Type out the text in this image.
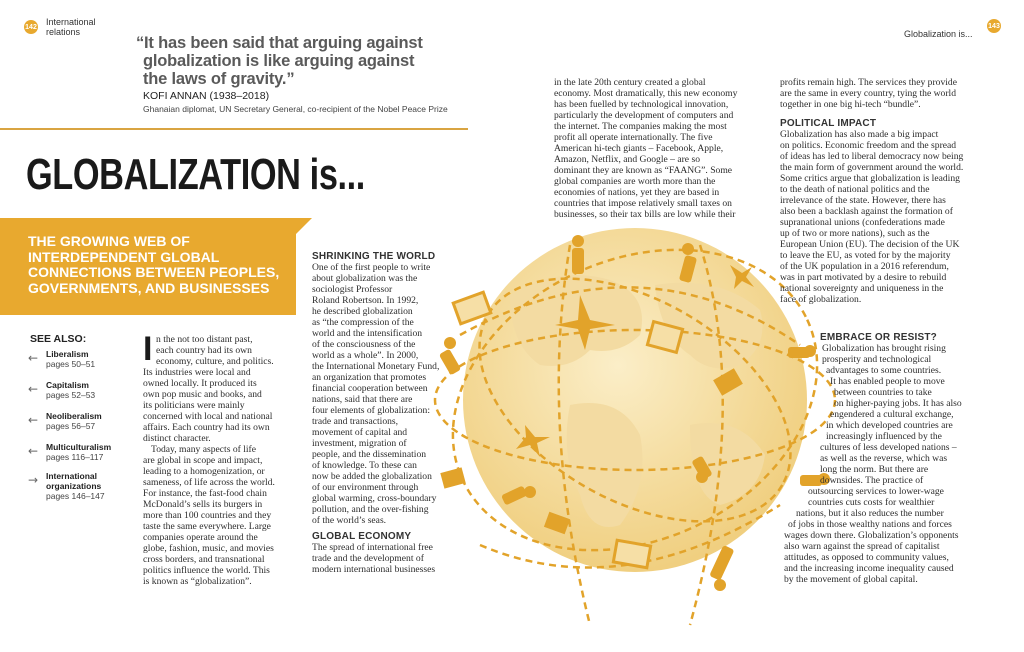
142 International
relations
“It has been said that arguing against
globalization is like arguing against
the laws of gravity.”
KOFI ANNAN (1938–2018)
Ghanaian diplomat, UN Secretary General, co-recipient of the Nobel Peace Prize
GLOBALIZATION is...
THE GROWING WEB OF
INTERDEPENDENT GLOBAL
CONNECTIONS BETWEEN PEOPLES,
GOVERNMENTS, AND BUSINESSES
SEE ALSO:
← Liberalism
pages 50–51
← Capitalism
pages 52–53
← Neoliberalism
pages 56–57
← Multiculturalism
pages 116–117
→ International
organizations
pages 146–147
I n the not too distant past,
each country had its own
economy, culture, and politics.
Its industries were local and
owned locally. It produced its
own pop music and books, and
its politicians were mainly
concerned with local and national
affairs. Each country had its own
distinct character.
Today, many aspects of life
are global in scope and impact,
leading to a homogenization, or
sameness, of life across the world.
For instance, the fast-food chain
McDonald’s sells its burgers in
more than 100 countries and they
taste the same everywhere. Large
companies operate around the
globe, fashion, music, and movies
cross borders, and transnational
politics influence the world. This
is known as “globalization”.
SHRINKING THE WORLD
One of the first people to write
about globalization was the
sociologist Professor
Roland Robertson. In 1992,
he described globalization
as “the compression of the
world and the intensification
of the consciousness of the
world as a whole”. In 2000,
the International Monetary Fund,
an organization that promotes
financial cooperation between
nations, said that there are
four elements of globalization:
trade and transactions,
movement of capital and
investment, migration of
people, and the dissemination
of knowledge. To these can
now be added the globalization
of our environment through
global warming, cross-boundary
pollution, and the over-fishing
of the world’s seas.
GLOBAL ECONOMY
The spread of international free
trade and the development of
modern international businesses
in the late 20th century created a global
economy. Most dramatically, this new economy
has been fuelled by technological innovation,
particularly the development of computers and
the internet. The companies making the most
profit all operate internationally. The five
American hi-tech giants – Facebook, Apple,
Amazon, Netflix, and Google – are so
dominant they are known as “FAANG”. Some
global companies are worth more than the
economies of nations, yet they are based in
countries that impose relatively small taxes on
businesses, so their tax bills are low while their
Globalization is...
143
profits remain high. The services they provide
are the same in every country, tying the world
together in one big hi-tech “bundle”.
POLITICAL IMPACT
Globalization has also made a big impact
on politics. Economic freedom and the spread
of ideas has led to liberal democracy now being
the main form of government around the world.
Some critics argue that globalization is leading
to the death of national politics and the
irrelevance of the state. However, there has
also been a backlash against the formation of
supranational unions (confederations made
up of two or more nations), such as the
European Union (EU). The decision of the UK
to leave the EU, as voted for by the majority
of the UK population in a 2016 referendum,
was in part motivated by a desire to rebuild
national sovereignty and uniqueness in the
face of globalization.
EMBRACE OR RESIST?
Globalization has brought rising
prosperity and technological
advantages to some countries.
It has enabled people to move
between countries to take
on higher-paying jobs. It has also
engendered a cultural exchange,
in which developed countries are
increasingly influenced by the
cultures of less developed nations –
as well as the reverse, which was
long the norm. But there are
downsides. The practice of
outsourcing services to lower-wage
countries cuts costs for wealthier
nations, but it also reduces the number
of jobs in those wealthy nations and forces
wages down there. Globalization’s opponents
also warn against the spread of capitalist
attitudes, as opposed to community values,
and the increasing income inequality caused
by the movement of global capital.
